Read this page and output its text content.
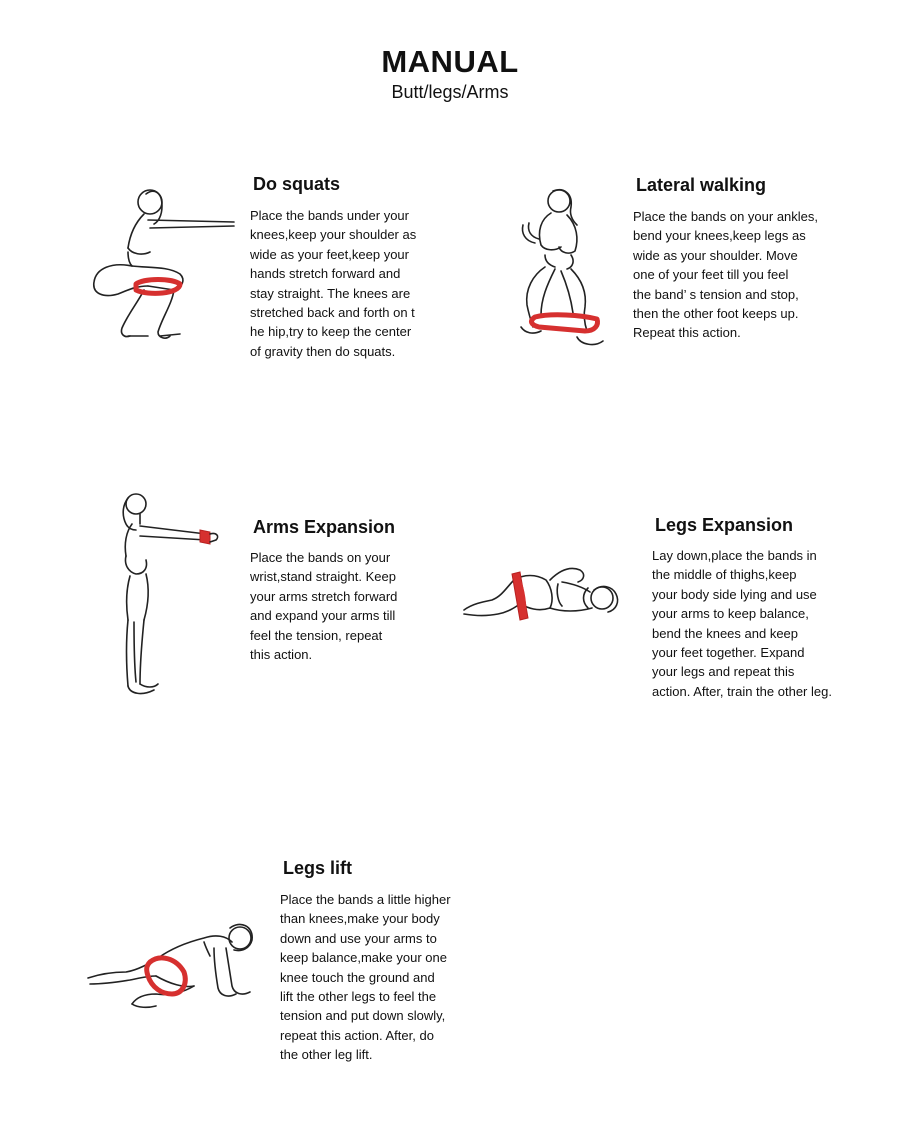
MANUAL
Butt/legs/Arms
Do squats
Place the bands under your
knees,keep your shoulder as
wide as your feet,keep your
hands stretch forward and
stay straight. The knees are
stretched back and forth on t
he hip,try to keep the center
of gravity then do squats.
Lateral walking
Place the bands on your ankles,
bend your knees,keep legs as
wide as your shoulder. Move
one of your feet till you feel
the band’ s tension and stop,
then the other foot keeps up.
Repeat this action.
Arms Expansion
Place the bands on your
wrist,stand straight. Keep
your arms stretch forward
and expand your arms till
feel the tension, repeat
this action.
Legs Expansion
Lay down,place the bands in
the middle of thighs,keep
your body side lying and use
your arms to keep balance,
bend the knees and keep
your feet together. Expand
your legs and repeat this
action. After, train the other leg.
Legs lift
Place the bands a little higher
than knees,make your body
down and use your arms to
keep balance,make your one
knee touch the ground and
lift the other legs to feel the
tension and put down slowly,
repeat this action. After, do
the other leg lift.
